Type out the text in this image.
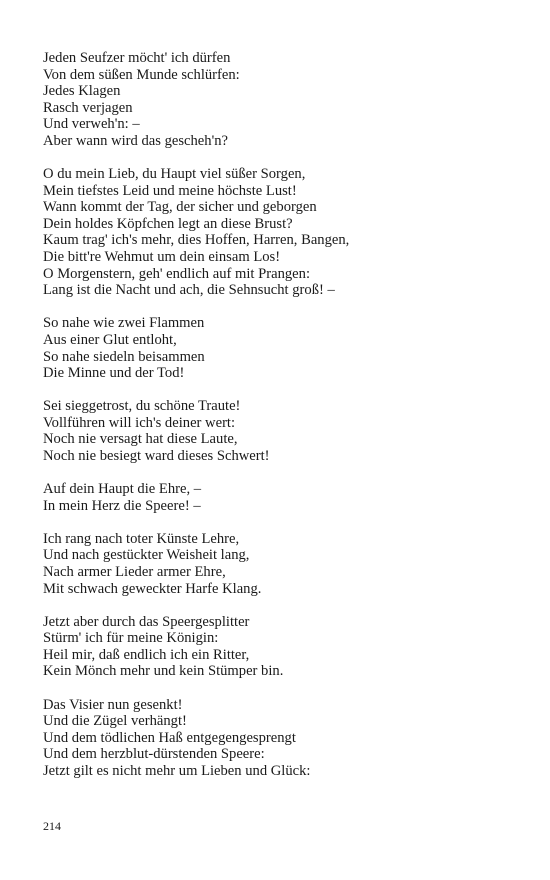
Jeden Seufzer möcht' ich dürfen
Von dem süßen Munde schlürfen:
Jedes Klagen
Rasch verjagen
Und verweh'n: –
Aber wann wird das gescheh'n?
O du mein Lieb, du Haupt viel süßer Sorgen,
Mein tiefstes Leid und meine höchste Lust!
Wann kommt der Tag, der sicher und geborgen
Dein holdes Köpfchen legt an diese Brust?
Kaum trag' ich's mehr, dies Hoffen, Harren, Bangen,
Die bitt're Wehmut um dein einsam Los!
O Morgenstern, geh' endlich auf mit Prangen:
Lang ist die Nacht und ach, die Sehnsucht groß! –
So nahe wie zwei Flammen
Aus einer Glut entloht,
So nahe siedeln beisammen
Die Minne und der Tod!
Sei sieggetrost, du schöne Traute!
Vollführen will ich's deiner wert:
Noch nie versagt hat diese Laute,
Noch nie besiegt ward dieses Schwert!
Auf dein Haupt die Ehre, –
In mein Herz die Speere! –
Ich rang nach toter Künste Lehre,
Und nach gestückter Weisheit lang,
Nach armer Lieder armer Ehre,
Mit schwach geweckter Harfe Klang.
Jetzt aber durch das Speergesplitter
Stürm' ich für meine Königin:
Heil mir, daß endlich ich ein Ritter,
Kein Mönch mehr und kein Stümper bin.
Das Visier nun gesenkt!
Und die Zügel verhängt!
Und dem tödlichen Haß entgegengesprengt
Und dem herzblut-dürstenden Speere:
Jetzt gilt es nicht mehr um Lieben und Glück:
214
